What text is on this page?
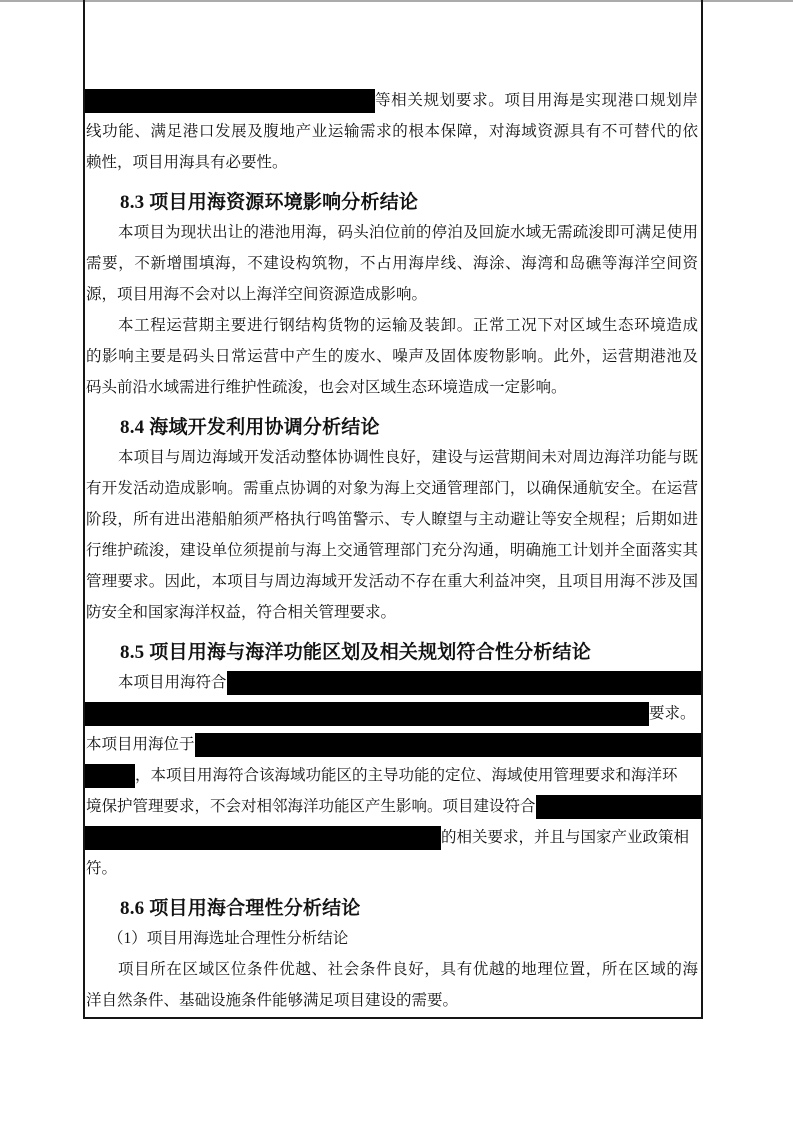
等相关规划要求。项目用海是实现港口规划岸
线功能、满足港口发展及腹地产业运输需求的根本保障，对海域资源具有不可替代的依
赖性，项目用海具有必要性。
8.3 项目用海资源环境影响分析结论
本项目为现状出让的港池用海，码头泊位前的停泊及回旋水域无需疏浚即可满足使用
需要，不新增围填海，不建设构筑物，不占用海岸线、海涂、海湾和岛礁等海洋空间资
源，项目用海不会对以上海洋空间资源造成影响。
本工程运营期主要进行钢结构货物的运输及装卸。正常工况下对区域生态环境造成
的影响主要是码头日常运营中产生的废水、噪声及固体废物影响。此外，运营期港池及
码头前沿水域需进行维护性疏浚，也会对区域生态环境造成一定影响。
8.4 海域开发利用协调分析结论
本项目与周边海域开发活动整体协调性良好，建设与运营期间未对周边海洋功能与既
有开发活动造成影响。需重点协调的对象为海上交通管理部门，以确保通航安全。在运营
阶段，所有进出港船舶须严格执行鸣笛警示、专人瞭望与主动避让等安全规程；后期如进
行维护疏浚，建设单位须提前与海上交通管理部门充分沟通，明确施工计划并全面落实其
管理要求。因此，本项目与周边海域开发活动不存在重大利益冲突，且项目用海不涉及国
防安全和国家海洋权益，符合相关管理要求。
8.5 项目用海与海洋功能区划及相关规划符合性分析结论
本项目用海符合
要求。
本项目用海位于
，本项目用海符合该海域功能区的主导功能的定位、海域使用管理要求和海洋环
境保护管理要求，不会对相邻海洋功能区产生影响。项目建设符合
的相关要求，并且与国家产业政策相
符。
8.6 项目用海合理性分析结论
（1）项目用海选址合理性分析结论
项目所在区域区位条件优越、社会条件良好，具有优越的地理位置，所在区域的海
洋自然条件、基础设施条件能够满足项目建设的需要。
